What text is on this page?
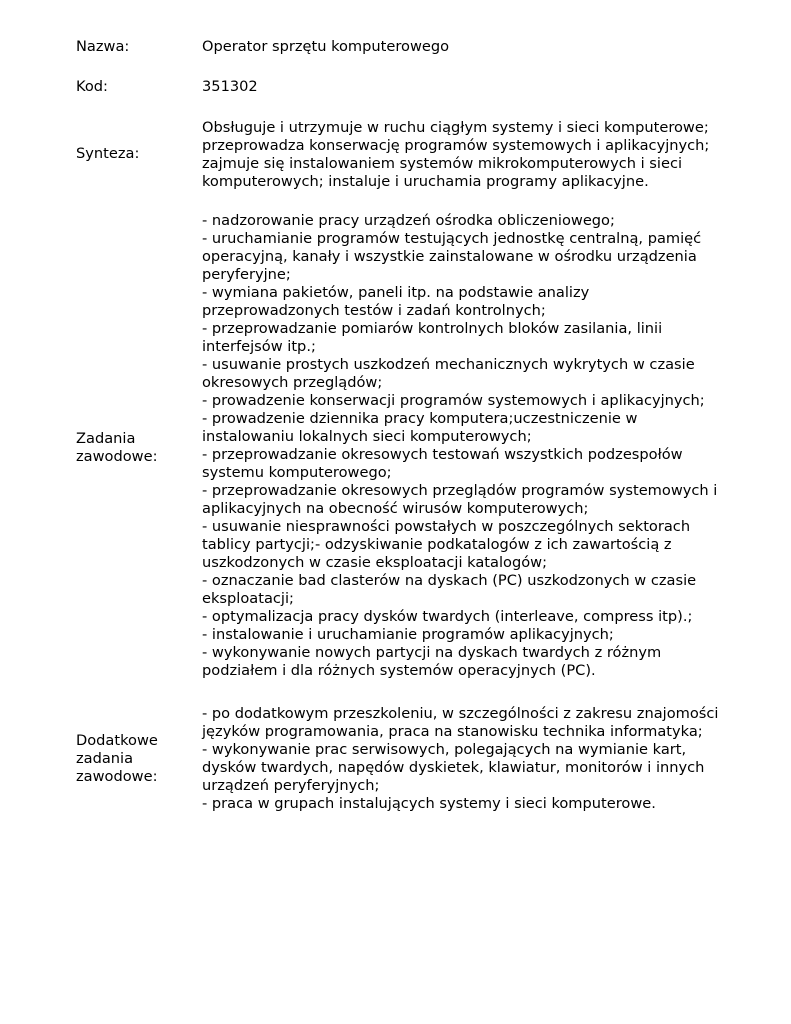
Nazwa:	Operator sprzętu komputerowego
Kod:	351302
Synteza:
Obsługuje i utrzymuje w ruchu ciągłym systemy i sieci komputerowe;
przeprowadza konserwację programów systemowych i aplikacyjnych;
zajmuje się instalowaniem systemów mikrokomputerowych i sieci
komputerowych; instaluje i uruchamia programy aplikacyjne.
Zadania
zawodowe:
- nadzorowanie pracy urządzeń ośrodka obliczeniowego;
- uruchamianie programów testujących jednostkę centralną, pamięć
operacyjną, kanały i wszystkie zainstalowane w ośrodku urządzenia
peryferyjne;
- wymiana pakietów, paneli itp. na podstawie analizy
przeprowadzonych testów i zadań kontrolnych;
- przeprowadzanie pomiarów kontrolnych bloków zasilania, linii
interfejsów itp.;
- usuwanie prostych uszkodzeń mechanicznych wykrytych w czasie
okresowych przeglądów;
- prowadzenie konserwacji programów systemowych i aplikacyjnych;
- prowadzenie dziennika pracy komputera;uczestniczenie w
instalowaniu lokalnych sieci komputerowych;
- przeprowadzanie okresowych testowań wszystkich podzespołów
systemu komputerowego;
- przeprowadzanie okresowych przeglądów programów systemowych i
aplikacyjnych na obecność wirusów komputerowych;
- usuwanie niesprawności powstałych w poszczególnych sektorach
tablicy partycji;- odzyskiwanie podkatalogów z ich zawartością z
uszkodzonych w czasie eksploatacji katalogów;
- oznaczanie bad clasterów na dyskach (PC) uszkodzonych w czasie
eksploatacji;
- optymalizacja pracy dysków twardych (interleave, compress itp).;
- instalowanie i uruchamianie programów aplikacyjnych;
- wykonywanie nowych partycji na dyskach twardych z różnym
podziałem i dla różnych systemów operacyjnych (PC).
Dodatkowe
zadania
zawodowe:
- po dodatkowym przeszkoleniu, w szczególności z zakresu znajomości
języków programowania, praca na stanowisku technika informatyka;
- wykonywanie prac serwisowych, polegających na wymianie kart,
dysków twardych, napędów dyskietek, klawiatur, monitorów i innych
urządzeń peryferyjnych;
- praca w grupach instalujących systemy i sieci komputerowe.
